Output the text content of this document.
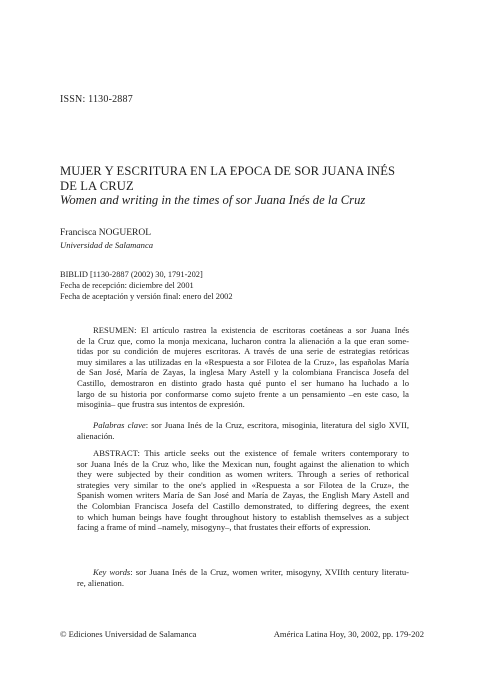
ISSN: 1130-2887
MUJER Y ESCRITURA EN LA EPOCA DE SOR JUANA INÉS
DE LA CRUZ
Women and writing in the times of sor Juana Inés de la Cruz
Francisca NOGUEROL
Universidad de Salamanca
BIBLID [1130-2887 (2002) 30, 1791-202]
Fecha de recepción: diciembre del 2001
Fecha de aceptación y versión final: enero del 2002
RESUMEN: El artículo rastrea la existencia de escritoras coetáneas a sor Juana Inés
de la Cruz que, como la monja mexicana, lucharon contra la alienación a la que eran some-
tidas por su condición de mujeres escritoras. A través de una serie de estrategias retóricas
muy similares a las utilizadas en la «Respuesta a sor Filotea de la Cruz», las españolas María
de San José, María de Zayas, la inglesa Mary Astell y la colombiana Francisca Josefa del
Castillo, demostraron en distinto grado hasta qué punto el ser humano ha luchado a lo
largo de su historia por conformarse como sujeto frente a un pensamiento –en este caso, la
misoginia– que frustra sus intentos de expresión.
Palabras clave: sor Juana Inés de la Cruz, escritora, misoginia, literatura del siglo XVII,
alienación.
ABSTRACT: This article seeks out the existence of female writers contemporary to
sor Juana Inés de la Cruz who, like the Mexican nun, fought against the alienation to which
they were subjected by their condition as women writers. Through a series of rethorical
strategies very similar to the one's applied in «Respuesta a sor Filotea de la Cruz», the
Spanish women writers María de San José and María de Zayas, the English Mary Astell and
the Colombian Francisca Josefa del Castillo demonstrated, to differing degrees, the exent
to which human beings have fought throughout history to establish themselves as a subject
facing a frame of mind –namely, misogyny–, that frustates their efforts of expression.
Key words: sor Juana Inés de la Cruz, women writer, misogyny, XVIIth century literatu-
re, alienation.
© Ediciones Universidad de Salamanca	América Latina Hoy, 30, 2002, pp. 179-202
